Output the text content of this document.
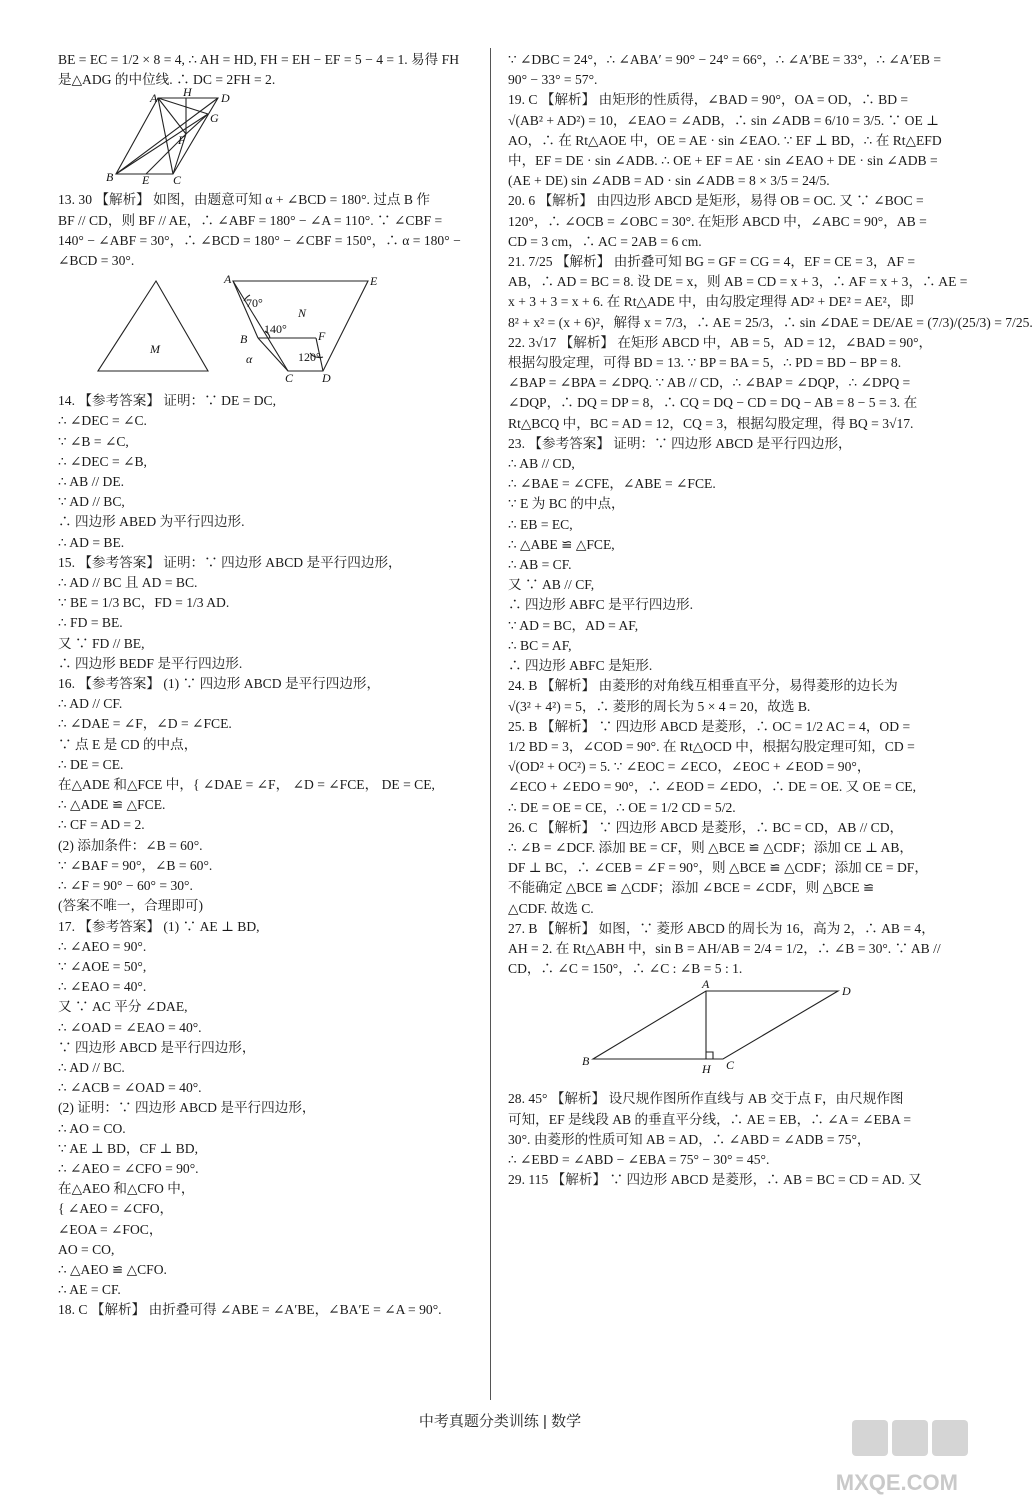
BE = EC = 1/2 × 8 = 4, ∴ AH = HD, FH = EH − EF = 5 − 4 = 1. 易得 FH
是△ADG 的中位线. ∴ DC = 2FH = 2.
A H D
F
G
B E C
13. 30 【解析】 如图，由题意可知 α + ∠BCD = 180°. 过点 B 作
BF // CD，则 BF // AE，∴ ∠ABF = 180° − ∠A = 110°. ∵ ∠CBF =
140° − ∠ABF = 30°，∴ ∠BCD = 180° − ∠CBF = 150°，∴ α = 180° −
∠BCD = 30°.
A	E
70°
N
140°	F
M
B
120°
α
C D
14. 【参考答案】 证明：∵ DE = DC,
∴ ∠DEC = ∠C.
∵ ∠B = ∠C,
∴ ∠DEC = ∠B,
∴ AB // DE.
∵ AD // BC,
∴ 四边形 ABED 为平行四边形.
∴ AD = BE.
15. 【参考答案】 证明：∵ 四边形 ABCD 是平行四边形，
∴ AD // BC 且 AD = BC.
∵ BE = 1/3 BC，FD = 1/3 AD.
∴ FD = BE.
又 ∵ FD // BE,
∴ 四边形 BEDF 是平行四边形.
16. 【参考答案】 (1) ∵ 四边形 ABCD 是平行四边形，
∴ AD // CF.
∴ ∠DAE = ∠F，∠D = ∠FCE.
∵ 点 E 是 CD 的中点，
∴ DE = CE.
在△ADE 和△FCE 中，{ ∠DAE = ∠F， ∠D = ∠FCE， DE = CE,
∴ △ADE ≌ △FCE.
∴ CF = AD = 2.
(2) 添加条件：∠B = 60°.
∵ ∠BAF = 90°，∠B = 60°.
∴ ∠F = 90° − 60° = 30°.
(答案不唯一，合理即可)
17. 【参考答案】 (1) ∵ AE ⊥ BD,
∴ ∠AEO = 90°.
∵ ∠AOE = 50°,
∴ ∠EAO = 40°.
又 ∵ AC 平分 ∠DAE,
∴ ∠OAD = ∠EAO = 40°.
∵ 四边形 ABCD 是平行四边形，
∴ AD // BC.
∴ ∠ACB = ∠OAD = 40°.
(2) 证明：∵ 四边形 ABCD 是平行四边形，
∴ AO = CO.
∵ AE ⊥ BD，CF ⊥ BD,
∴ ∠AEO = ∠CFO = 90°.
在△AEO 和△CFO 中，
{ ∠AEO = ∠CFO，
∠EOA = ∠FOC，
AO = CO,
∴ △AEO ≌ △CFO.
∴ AE = CF.
18. C 【解析】 由折叠可得 ∠ABE = ∠A′BE，∠BA′E = ∠A = 90°.
∵ ∠DBC = 24°，∴ ∠ABA′ = 90° − 24° = 66°，∴ ∠A′BE = 33°，∴ ∠A′EB =
90° − 33° = 57°.
19. C 【解析】 由矩形的性质得，∠BAD = 90°，OA = OD，∴ BD =
√(AB² + AD²) = 10，∠EAO = ∠ADB，∴ sin ∠ADB = 6/10 = 3/5. ∵ OE ⊥
AO，∴ 在 Rt△AOE 中，OE = AE · sin ∠EAO. ∵ EF ⊥ BD，∴ 在 Rt△EFD
中，EF = DE · sin ∠ADB. ∴ OE + EF = AE · sin ∠EAO + DE · sin ∠ADB =
(AE + DE) sin ∠ADB = AD · sin ∠ADB = 8 × 3/5 = 24/5.
20. 6 【解析】 由四边形 ABCD 是矩形，易得 OB = OC. 又 ∵ ∠BOC =
120°，∴ ∠OCB = ∠OBC = 30°. 在矩形 ABCD 中，∠ABC = 90°，AB =
CD = 3 cm，∴ AC = 2AB = 6 cm.
21. 7/25 【解析】 由折叠可知 BG = GF = CG = 4，EF = CE = 3，AF =
AB，∴ AD = BC = 8. 设 DE = x，则 AB = CD = x + 3，∴ AF = x + 3，∴ AE =
x + 3 + 3 = x + 6. 在 Rt△ADE 中，由勾股定理得 AD² + DE² = AE²，即
8² + x² = (x + 6)²，解得 x = 7/3，∴ AE = 25/3，∴ sin ∠DAE = DE/AE = (7/3)/(25/3) = 7/25.
22. 3√17 【解析】 在矩形 ABCD 中，AB = 5，AD = 12，∠BAD = 90°，
根据勾股定理，可得 BD = 13. ∵ BP = BA = 5，∴ PD = BD − BP = 8.
∠BAP = ∠BPA = ∠DPQ. ∵ AB // CD，∴ ∠BAP = ∠DQP，∴ ∠DPQ =
∠DQP，∴ DQ = DP = 8，∴ CQ = DQ − CD = DQ − AB = 8 − 5 = 3. 在
Rt△BCQ 中，BC = AD = 12，CQ = 3，根据勾股定理，得 BQ = 3√17.
23. 【参考答案】 证明：∵ 四边形 ABCD 是平行四边形，
∴ AB // CD,
∴ ∠BAE = ∠CFE，∠ABE = ∠FCE.
∵ E 为 BC 的中点，
∴ EB = EC,
∴ △ABE ≌ △FCE,
∴ AB = CF.
又 ∵ AB // CF,
∴ 四边形 ABFC 是平行四边形.
∵ AD = BC，AD = AF,
∴ BC = AF,
∴ 四边形 ABFC 是矩形.
24. B 【解析】 由菱形的对角线互相垂直平分，易得菱形的边长为
√(3² + 4²) = 5，∴ 菱形的周长为 5 × 4 = 20，故选 B.
25. B 【解析】 ∵ 四边形 ABCD 是菱形，∴ OC = 1/2 AC = 4，OD =
1/2 BD = 3，∠COD = 90°. 在 Rt△OCD 中，根据勾股定理可知，CD =
√(OD² + OC²) = 5. ∵ ∠EOC = ∠ECO，∠EOC + ∠EOD = 90°，
∠ECO + ∠EDO = 90°，∴ ∠EOD = ∠EDO，∴ DE = OE. 又 OE = CE,
∴ DE = OE = CE，∴ OE = 1/2 CD = 5/2.
26. C 【解析】 ∵ 四边形 ABCD 是菱形，∴ BC = CD，AB // CD，
∴ ∠B = ∠DCF. 添加 BE = CF，则 △BCE ≌ △CDF；添加 CE ⊥ AB，
DF ⊥ BC，∴ ∠CEB = ∠F = 90°，则 △BCE ≌ △CDF；添加 CE = DF，
不能确定 △BCE ≌ △CDF；添加 ∠BCE = ∠CDF，则 △BCE ≌
△CDF. 故选 C.
27. B 【解析】 如图，∵ 菱形 ABCD 的周长为 16，高为 2，∴ AB = 4，
AH = 2. 在 Rt△ABH 中，sin B = AH/AB = 2/4 = 1/2，∴ ∠B = 30°. ∵ AB //
CD，∴ ∠C = 150°，∴ ∠C : ∠B = 5 : 1.
A	D
B
H C
28. 45° 【解析】 设尺规作图所作直线与 AB 交于点 F，由尺规作图
可知，EF 是线段 AB 的垂直平分线，∴ AE = EB，∴ ∠A = ∠EBA =
30°. 由菱形的性质可知 AB = AD，∴ ∠ABD = ∠ADB = 75°，
∴ ∠EBD = ∠ABD − ∠EBA = 75° − 30° = 45°.
29. 115 【解析】 ∵ 四边形 ABCD 是菱形，∴ AB = BC = CD = AD. 又
中考真题分类训练 | 数学
MXQE.COM
